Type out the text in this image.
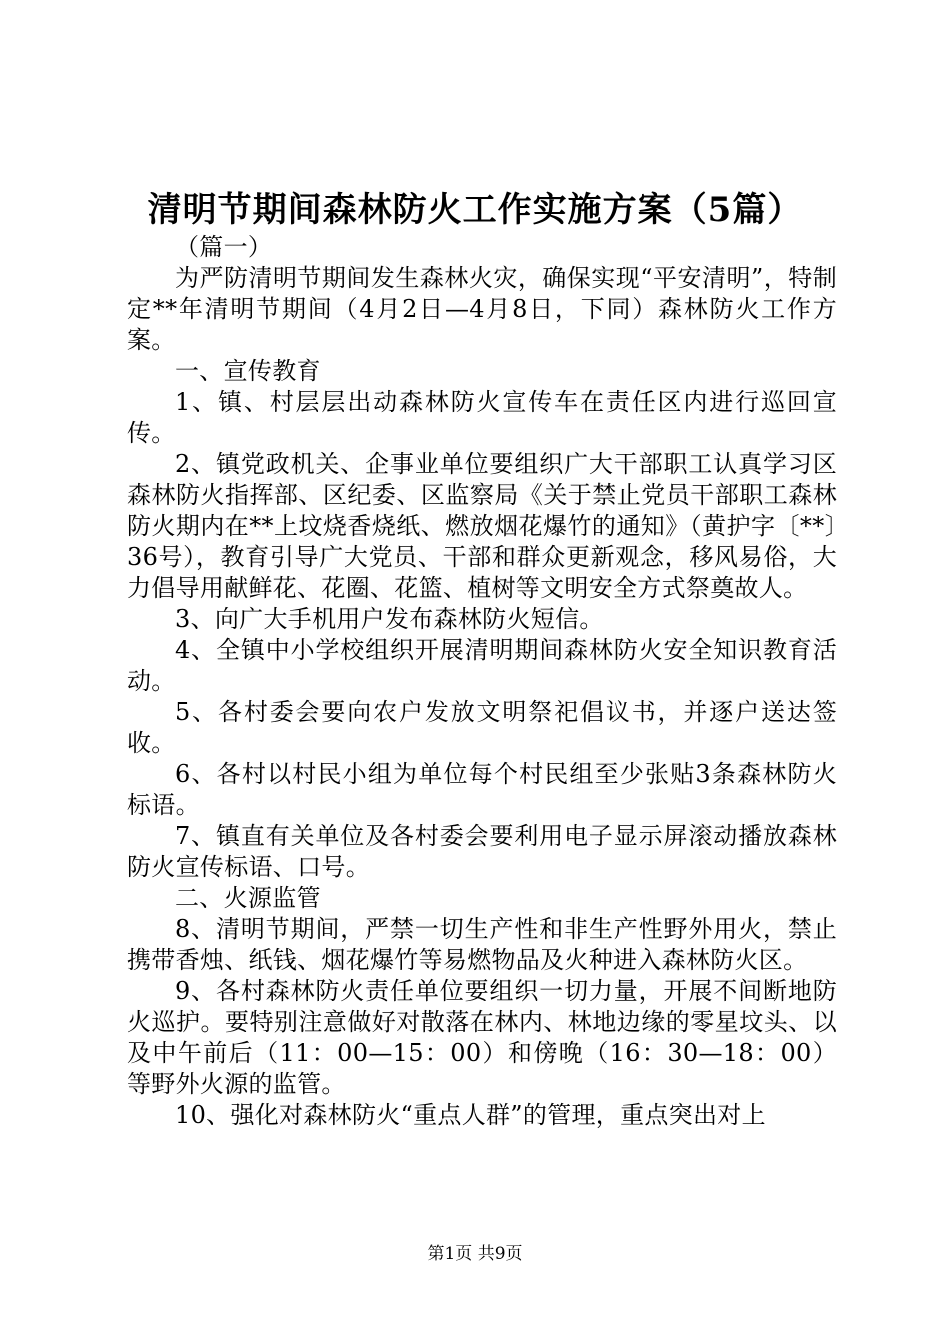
清明节期间森林防火工作实施方案（5篇）

（篇一）

为严防清明节期间发生森林火灾，确保实现“平安清明”，特制定**年清明节期间（4月2日—4月8日，下同）森林防火工作方案。

一、宣传教育

1、镇、村层层出动森林防火宣传车在责任区内进行巡回宣传。

2、镇党政机关、企事业单位要组织广大干部职工认真学习区森林防火指挥部、区纪委、区监察局《关于禁止党员干部职工森林防火期内在**上坟烧香烧纸、燃放烟花爆竹的通知》（黄护字〔**〕36号），教育引导广大党员、干部和群众更新观念，移风易俗，大力倡导用献鲜花、花圈、花篮、植树等文明安全方式祭奠故人。

3、向广大手机用户发布森林防火短信。

4、全镇中小学校组织开展清明期间森林防火安全知识教育活动。

5、各村委会要向农户发放文明祭祀倡议书，并逐户送达签收。

6、各村以村民小组为单位每个村民组至少张贴3条森林防火标语。

7、镇直有关单位及各村委会要利用电子显示屏滚动播放森林防火宣传标语、口号。

二、火源监管

8、清明节期间，严禁一切生产性和非生产性野外用火，禁止携带香烛、纸钱、烟花爆竹等易燃物品及火种进入森林防火区。

9、各村森林防火责任单位要组织一切力量，开展不间断地防火巡护。要特别注意做好对散落在林内、林地边缘的零星坟头、以及中午前后（11：00—15：00）和傍晚（16：30—18：00）等野外火源的监管。

10、强化对森林防火“重点人群”的管理，重点突出对上

第1页 共9页
